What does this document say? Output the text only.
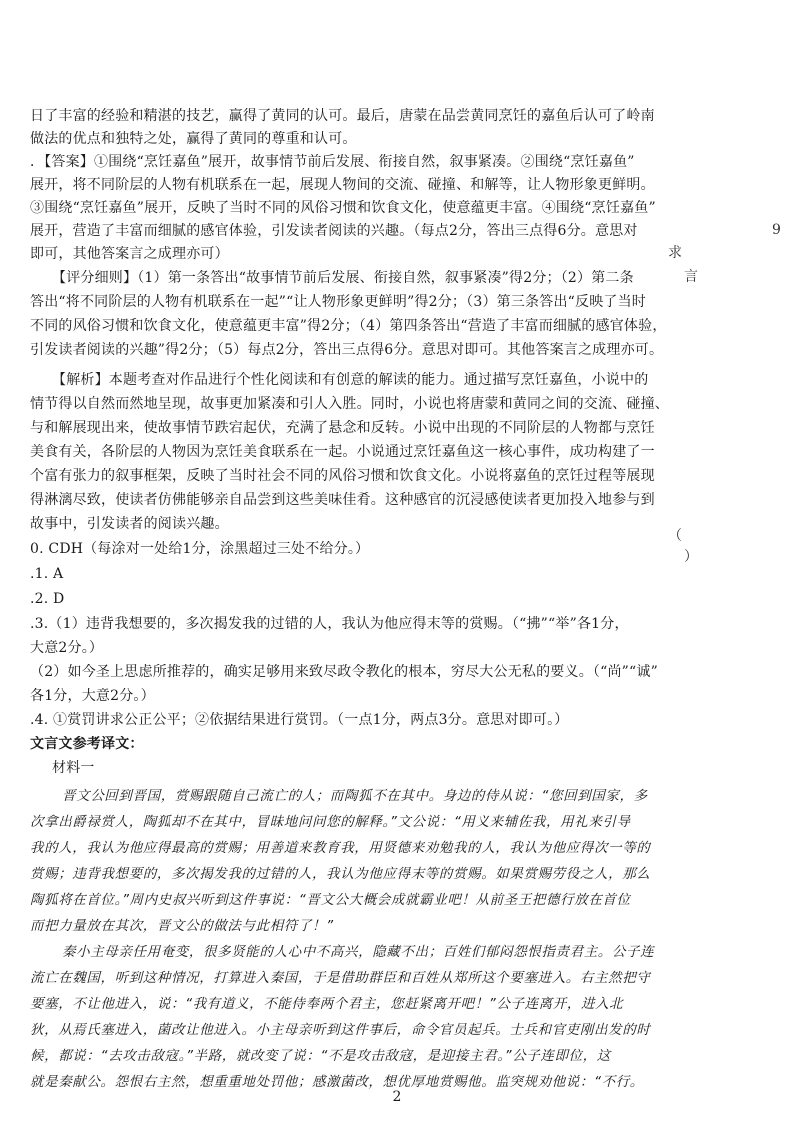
日了丰富的经验和精湛的技艺，赢得了黄同的认可。最后，唐蒙在品尝黄同烹饪的嘉鱼后认可了岭南
做法的优点和独特之处，赢得了黄同的尊重和认可。
．【答案】①围绕“烹饪嘉鱼”展开，故事情节前后发展、衔接自然，叙事紧凑。②围绕“烹饪嘉鱼”
展开，将不同阶层的人物有机联系在一起，展现人物间的交流、碰撞、和解等，让人物形象更鲜明。
③围绕“烹饪嘉鱼”展开，反映了当时不同的风俗习惯和饮食文化，使意蕴更丰富。④围绕“烹饪嘉鱼”
展开，营造了丰富而细腻的感官体验，引发读者阅读的兴趣。（每点2分，答出三点得6分。意思对
即可，其他答案言之成理亦可）
【评分细则】（1）第一条答出“故事情节前后发展、衔接自然，叙事紧凑”得2分；（2）第二条
答出“将不同阶层的人物有机联系在一起”“让人物形象更鲜明”得2分；（3）第三条答出“反映了当时
不同的风俗习惯和饮食文化，使意蕴更丰富”得2分；（4）第四条答出“营造了丰富而细腻的感官体验，
引发读者阅读的兴趣”得2分；（5）每点2分，答出三点得6分。意思对即可。其他答案言之成理亦可。
【解析】本题考查对作品进行个性化阅读和有创意的解读的能力。通过描写烹饪嘉鱼，小说中的
情节得以自然而然地呈现，故事更加紧凑和引人入胜。同时，小说也将唐蒙和黄同之间的交流、碰撞、
与和解展现出来，使故事情节跌宕起伏，充满了悬念和反转。小说中出现的不同阶层的人物都与烹饪
美食有关，各阶层的人物因为烹饪美食联系在一起。小说通过烹饪嘉鱼这一核心事件，成功构建了一
个富有张力的叙事框架，反映了当时社会不同的风俗习惯和饮食文化。小说将嘉鱼的烹饪过程等展现
得淋漓尽致，使读者仿佛能够亲自品尝到这些美味佳肴。这种感官的沉浸感使读者更加投入地参与到
故事中，引发读者的阅读兴趣。
0. CDH（每涂对一处给1分，涂黑超过三处不给分。）
.1. A
.2. D
.3.（1）违背我想要的，多次揭发我的过错的人，我认为他应得末等的赏赐。（“拂”“举”各1分，
大意2分。）
（2）如今圣上思虑所推荐的，确实足够用来致尽政令教化的根本，穷尽大公无私的要义。（“尚”“诚”
各1分，大意2分。）
.4. ①赏罚讲求公正公平；②依据结果进行赏罚。（一点1分，两点3分。意思对即可。）
文言文参考译文：
材料一
晋文公回到晋国，赏赐跟随自己流亡的人；而陶狐不在其中。身边的侍从说：“您回到国家，多
次拿出爵禄赏人，陶狐却不在其中，冒昧地问问您的解释。”文公说：“用义来辅佐我，用礼来引导
我的人，我认为他应得最高的赏赐；用善道来教育我，用贤德来劝勉我的人，我认为他应得次一等的
赏赐；违背我想要的，多次揭发我的过错的人，我认为他应得末等的赏赐。如果赏赐劳役之人，那么
陶狐将在首位。”周内史叔兴听到这件事说：“晋文公大概会成就霸业吧！从前圣王把德行放在首位
而把力量放在其次，晋文公的做法与此相符了！”
秦小主母亲任用奄变，很多贤能的人心中不高兴，隐藏不出；百姓们郁闷怨恨指责君主。公子连
流亡在魏国，听到这种情况，打算进入秦国，于是借助群臣和百姓从郑所这个要塞进入。右主然把守
要塞，不让他进入，说：“我有道义，不能侍奉两个君主，您赶紧离开吧！”公子连离开，进入北
狄，从焉氏塞进入，菌改让他进入。小主母亲听到这件事后，命令官员起兵。士兵和官吏刚出发的时
候，都说：“去攻击敌寇。”半路，就改变了说：“不是攻击敌寇，是迎接主君。”公子连即位，这
就是秦献公。怨恨右主然，想重重地处罚他；感激菌改，想优厚地赏赐他。监突规劝他说：“不行。
9
求
言
（
）
2
